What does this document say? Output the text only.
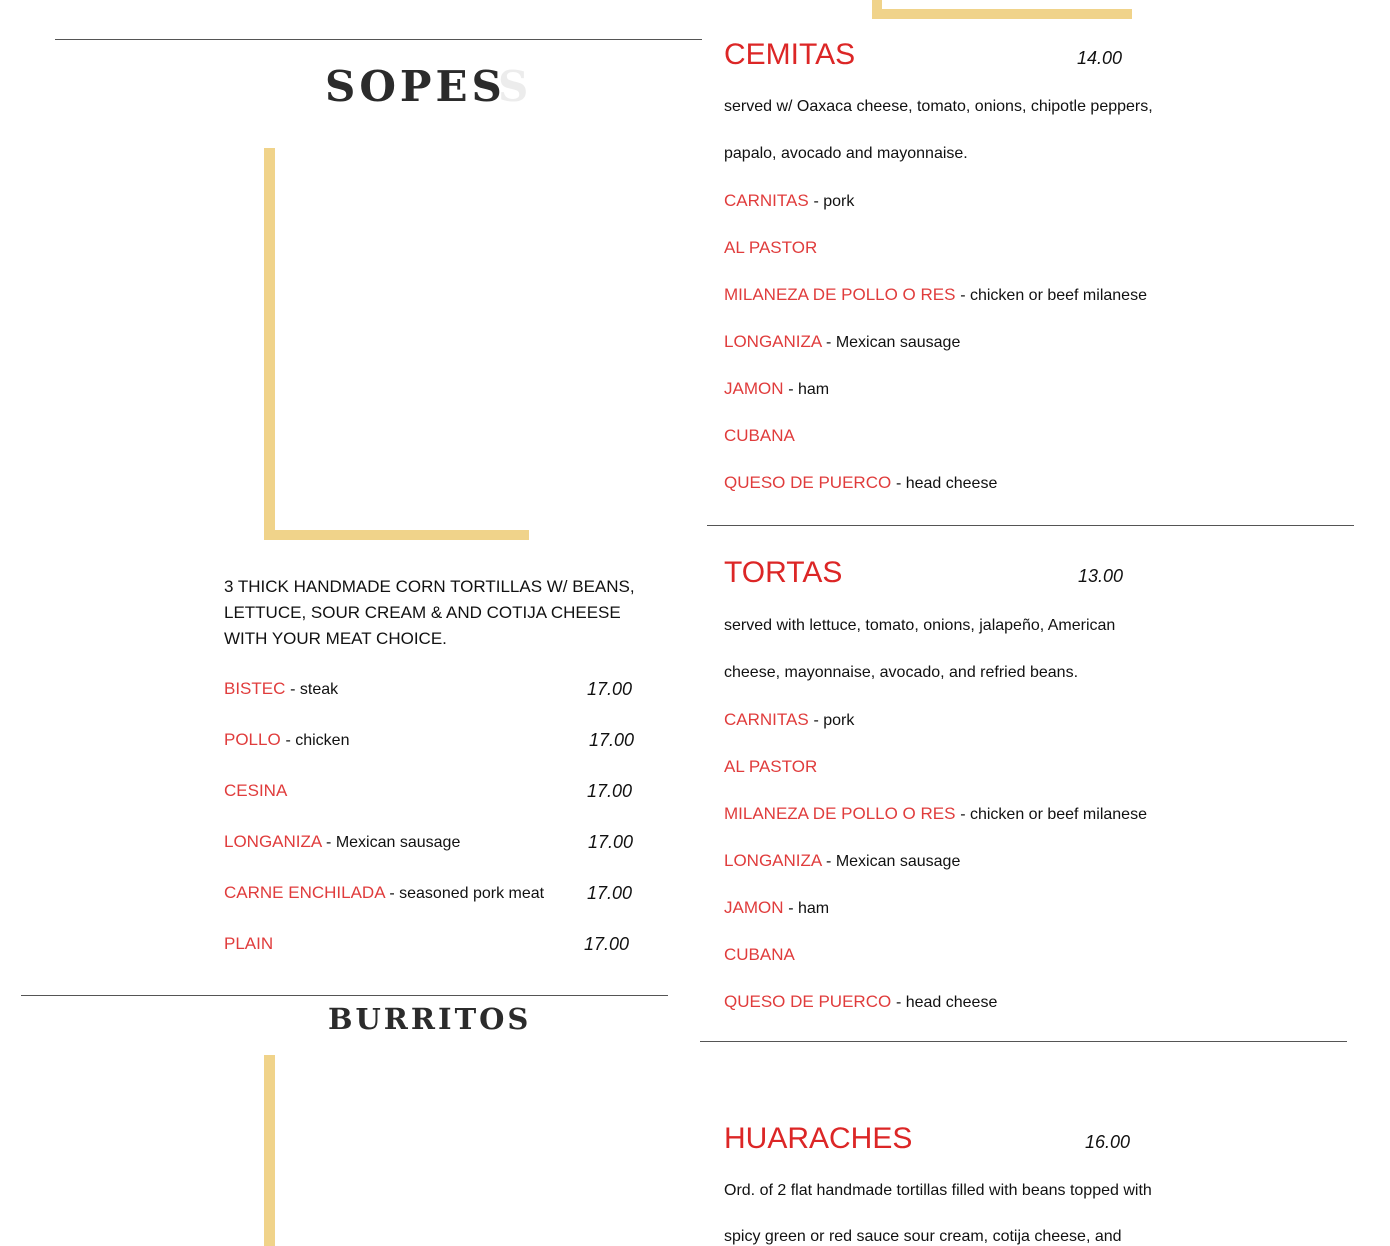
SOPES
S
3 THICK HANDMADE CORN TORTILLAS W/ BEANS, LETTUCE, SOUR CREAM & AND COTIJA CHEESE WITH YOUR MEAT CHOICE.
BISTEC - steak	17.00
POLLO - chicken	17.00
CESINA	17.00
LONGANIZA - Mexican sausage	17.00
CARNE ENCHILADA - seasoned pork meat 17.00
PLAIN	17.00
BURRITOS
CEMITAS	14.00
served w/ Oaxaca cheese, tomato, onions, chipotle peppers,
papalo, avocado and mayonnaise.
CARNITAS - pork
AL PASTOR
MILANEZA DE POLLO O RES - chicken or beef milanese
LONGANIZA - Mexican sausage
JAMON - ham
CUBANA
QUESO DE PUERCO - head cheese
TORTAS	13.00
served with lettuce, tomato, onions, jalapeño, American
cheese, mayonnaise, avocado, and refried beans.
CARNITAS - pork
AL PASTOR
MILANEZA DE POLLO O RES - chicken or beef milanese
LONGANIZA - Mexican sausage
JAMON - ham
CUBANA
QUESO DE PUERCO - head cheese
HUARACHES	16.00
Ord. of 2 flat handmade tortillas filled with beans topped with
spicy green or red sauce sour cream, cotija cheese, and
